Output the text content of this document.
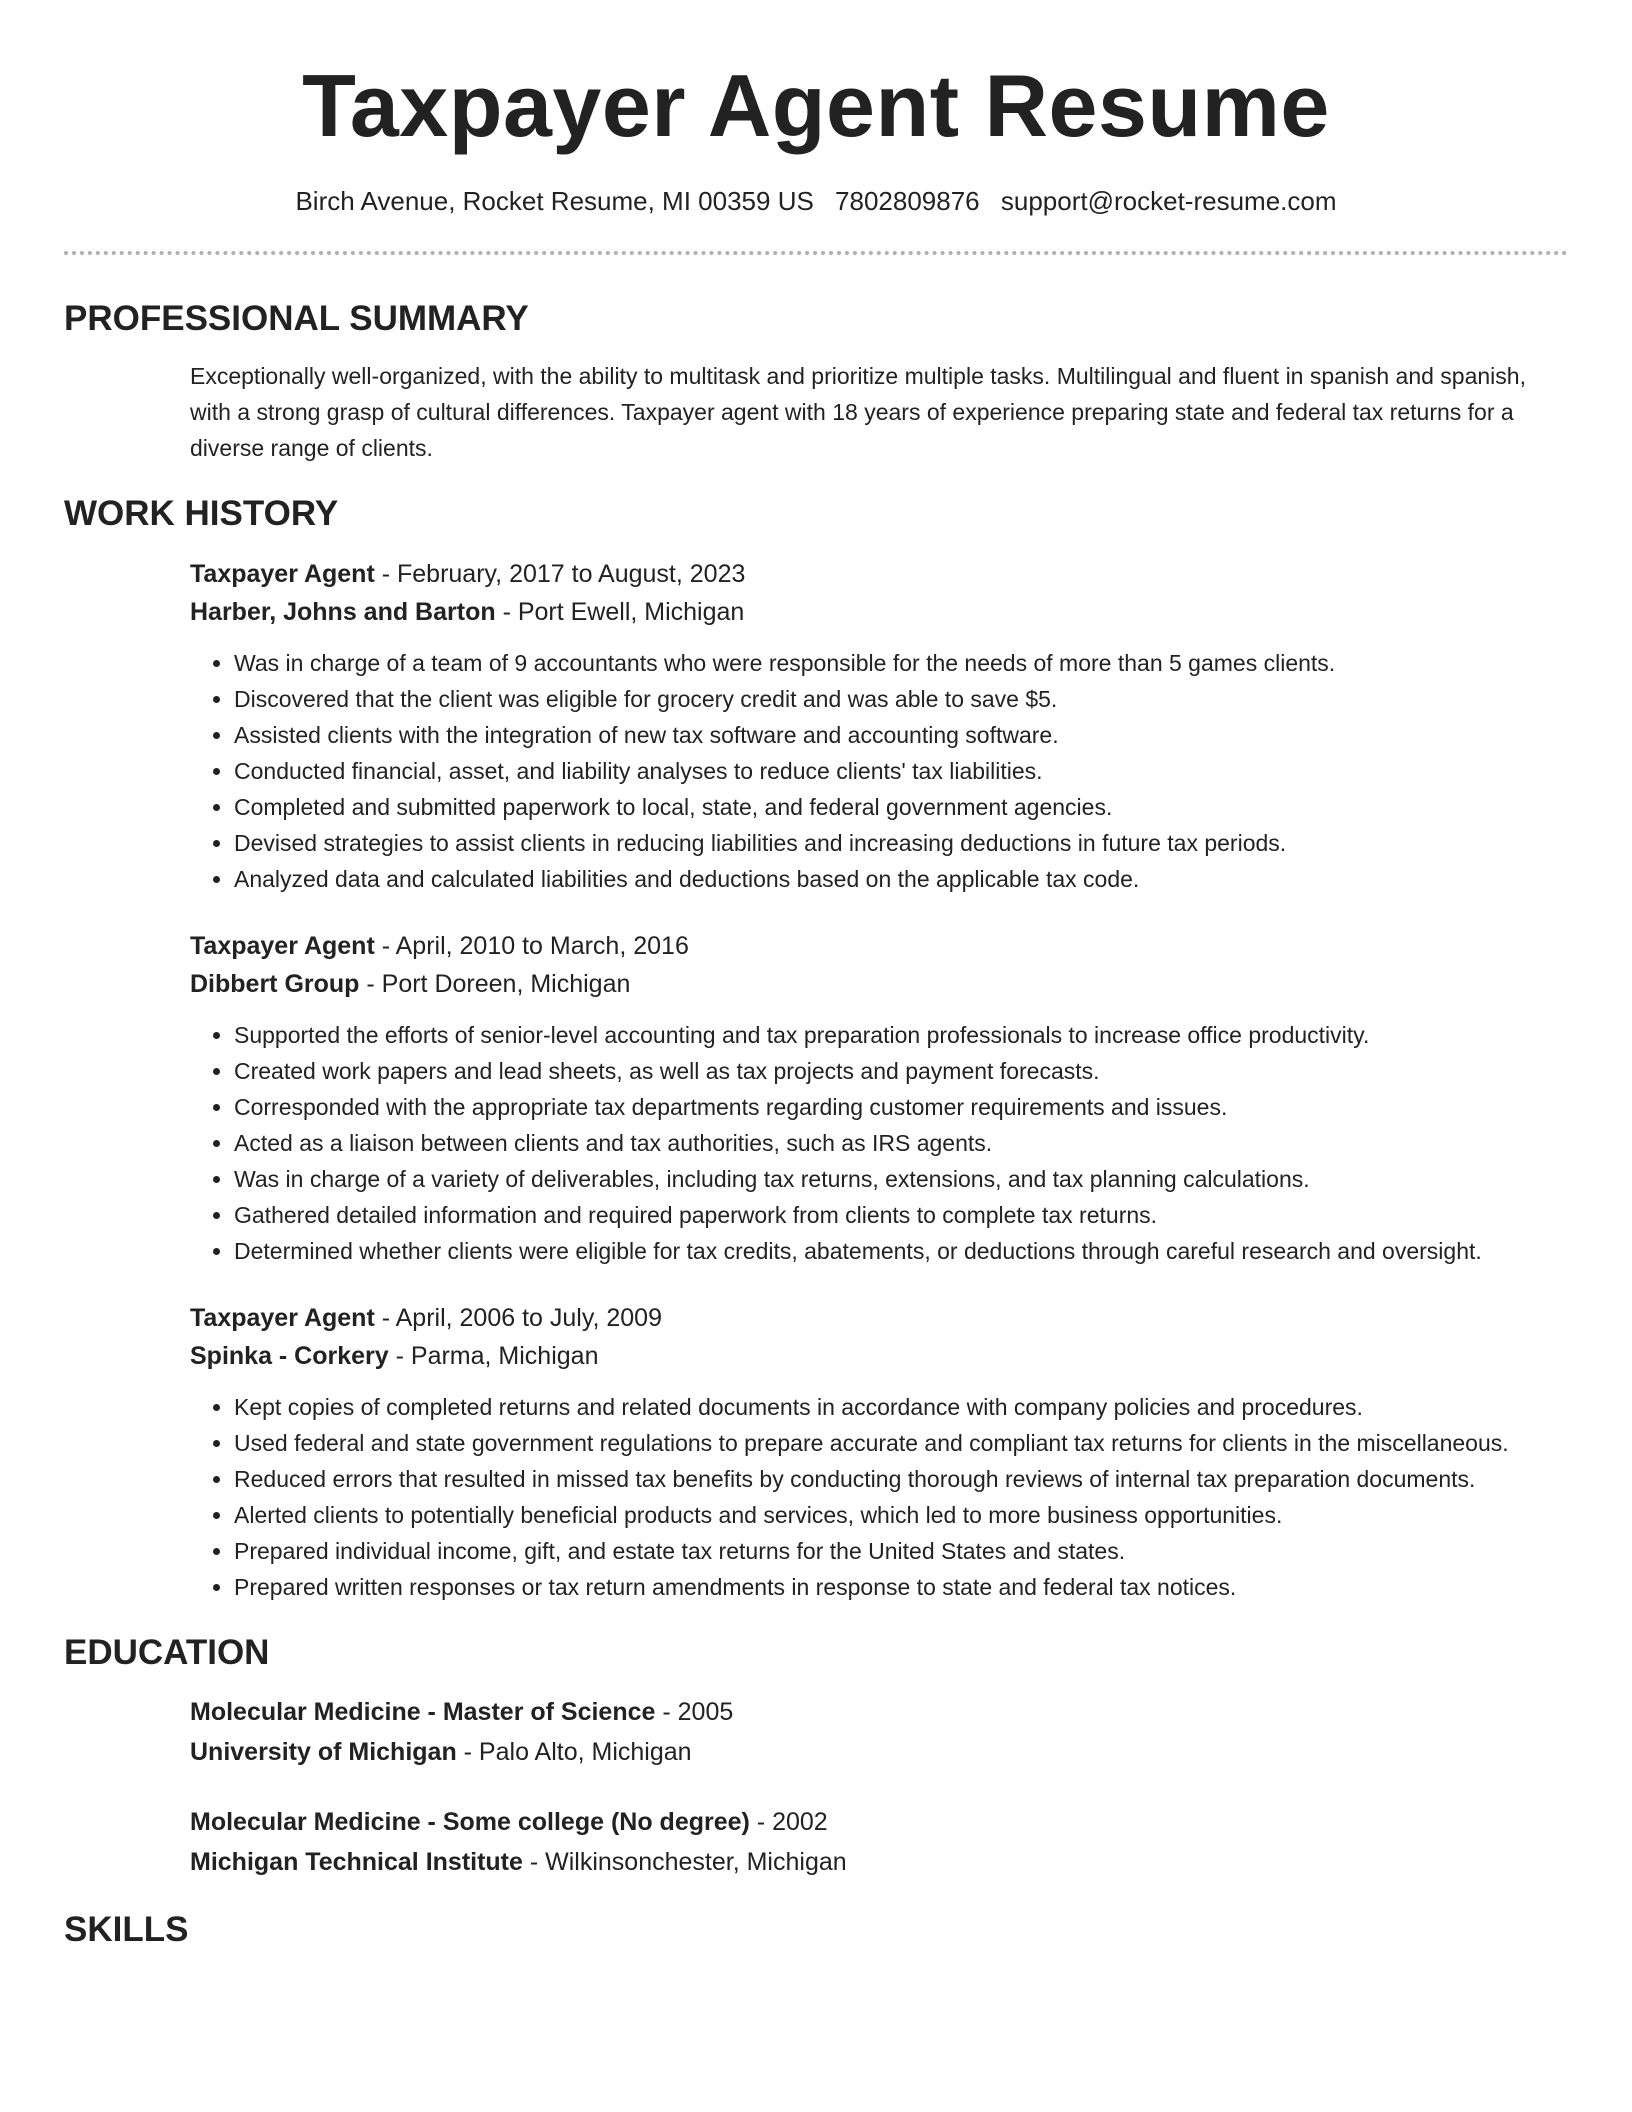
Taxpayer Agent Resume
Birch Avenue, Rocket Resume, MI 00359 US 7802809876 support@rocket-resume.com
PROFESSIONAL SUMMARY

Exceptionally well-organized, with the ability to multitask and prioritize multiple tasks. Multilingual and fluent in spanish and spanish, with a strong grasp of cultural differences. Taxpayer agent with 18 years of experience preparing state and federal tax returns for a diverse range of clients.

WORK HISTORY
Taxpayer Agent - February, 2017 to August, 2023
Harber, Johns and Barton - Port Ewell, Michigan
• Was in charge of a team of 9 accountants who were responsible for the needs of more than 5 games clients.
• Discovered that the client was eligible for grocery credit and was able to save $5.
• Assisted clients with the integration of new tax software and accounting software.
• Conducted financial, asset, and liability analyses to reduce clients' tax liabilities.
• Completed and submitted paperwork to local, state, and federal government agencies.
• Devised strategies to assist clients in reducing liabilities and increasing deductions in future tax periods.
• Analyzed data and calculated liabilities and deductions based on the applicable tax code.
Taxpayer Agent - April, 2010 to March, 2016
Dibbert Group - Port Doreen, Michigan
• Supported the efforts of senior-level accounting and tax preparation professionals to increase office productivity.
• Created work papers and lead sheets, as well as tax projects and payment forecasts.
• Corresponded with the appropriate tax departments regarding customer requirements and issues.
• Acted as a liaison between clients and tax authorities, such as IRS agents.
• Was in charge of a variety of deliverables, including tax returns, extensions, and tax planning calculations.
• Gathered detailed information and required paperwork from clients to complete tax returns.
• Determined whether clients were eligible for tax credits, abatements, or deductions through careful research and oversight.
Taxpayer Agent - April, 2006 to July, 2009
Spinka - Corkery - Parma, Michigan
• Kept copies of completed returns and related documents in accordance with company policies and procedures.
• Used federal and state government regulations to prepare accurate and compliant tax returns for clients in the miscellaneous.
• Reduced errors that resulted in missed tax benefits by conducting thorough reviews of internal tax preparation documents.
• Alerted clients to potentially beneficial products and services, which led to more business opportunities.
• Prepared individual income, gift, and estate tax returns for the United States and states.
• Prepared written responses or tax return amendments in response to state and federal tax notices.
EDUCATION
Molecular Medicine - Master of Science - 2005
University of Michigan - Palo Alto, Michigan
Molecular Medicine - Some college (No degree) - 2002
Michigan Technical Institute - Wilkinsonchester, Michigan
SKILLS
